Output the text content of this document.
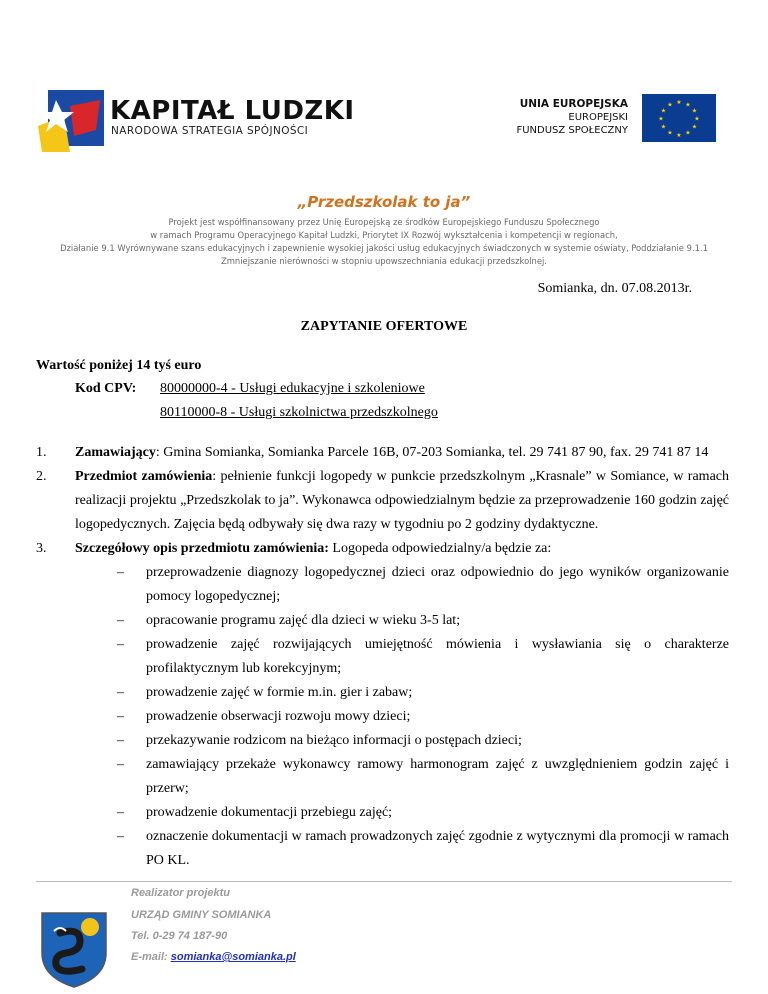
KAPITAŁ LUDZKI
NARODOWA STRATEGIA SPÓJNOŚCI
UNIA EUROPEJSKA
EUROPEJSKI
FUNDUSZ SPOŁECZNY
★ ★
★
★
★
★
★
★
★
★
★
★
„Przedszkolak to ja”
Projekt jest współfinansowany przez Unię Europejską ze środków Europejskiego Funduszu Społecznego
w ramach Programu Operacyjnego Kapitał Ludzki, Priorytet IX Rozwój wykształcenia i kompetencji w regionach,
Działanie 9.1 Wyrównywane szans edukacyjnych i zapewnienie wysokiej jakości usług edukacyjnych świadczonych w systemie oświaty, Poddziałanie 9.1.1
Zmniejszanie nierówności w stopniu upowszechniania edukacji przedszkolnej.
Somianka, dn. 07.08.2013r.
ZAPYTANIE OFERTOWE
Wartość poniżej 14 tyś euro
Kod CPV: 80000000-4 - Usługi edukacyjne i szkoleniowe
80110000-8 - Usługi szkolnictwa przedszkolnego
1. Zamawiający: Gmina Somianka, Somianka Parcele 16B, 07-203 Somianka, tel. 29 741 87 90, fax. 29 741 87 14
2. Przedmiot zamówienia: pełnienie funkcji logopedy w punkcie przedszkolnym „Krasnale” w Somiance, w ramach realizacji projektu „Przedszkolak to ja”. Wykonawca odpowiedzialnym będzie za przeprowadzenie 160 godzin zajęć logopedycznych. Zajęcia będą odbywały się dwa razy w tygodniu po 2 godziny dydaktyczne.
3. Szczegółowy opis przedmiotu zamówienia: Logopeda odpowiedzialny/a będzie za:
– przeprowadzenie diagnozy logopedycznej dzieci oraz odpowiednio do jego wyników organizowanie pomocy logopedycznej;
– opracowanie programu zajęć dla dzieci w wieku 3-5 lat;
– prowadzenie zajęć rozwijających umiejętność mówienia i wysławiania się o charakterze profilaktycznym lub korekcyjnym;
– prowadzenie zajęć w formie m.in. gier i zabaw;
– prowadzenie obserwacji rozwoju mowy dzieci;
– przekazywanie rodzicom na bieżąco informacji o postępach dzieci;
– zamawiający przekaże wykonawcy ramowy harmonogram zajęć z uwzględnieniem godzin zajęć i przerw;
– prowadzenie dokumentacji przebiegu zajęć;
– oznaczenie dokumentacji w ramach prowadzonych zajęć zgodnie z wytycznymi dla promocji w ramach PO KL.
Realizator projektu
URZĄD GMINY SOMIANKA
Tel. 0-29 74 187-90
E-mail: somianka@somianka.pl
